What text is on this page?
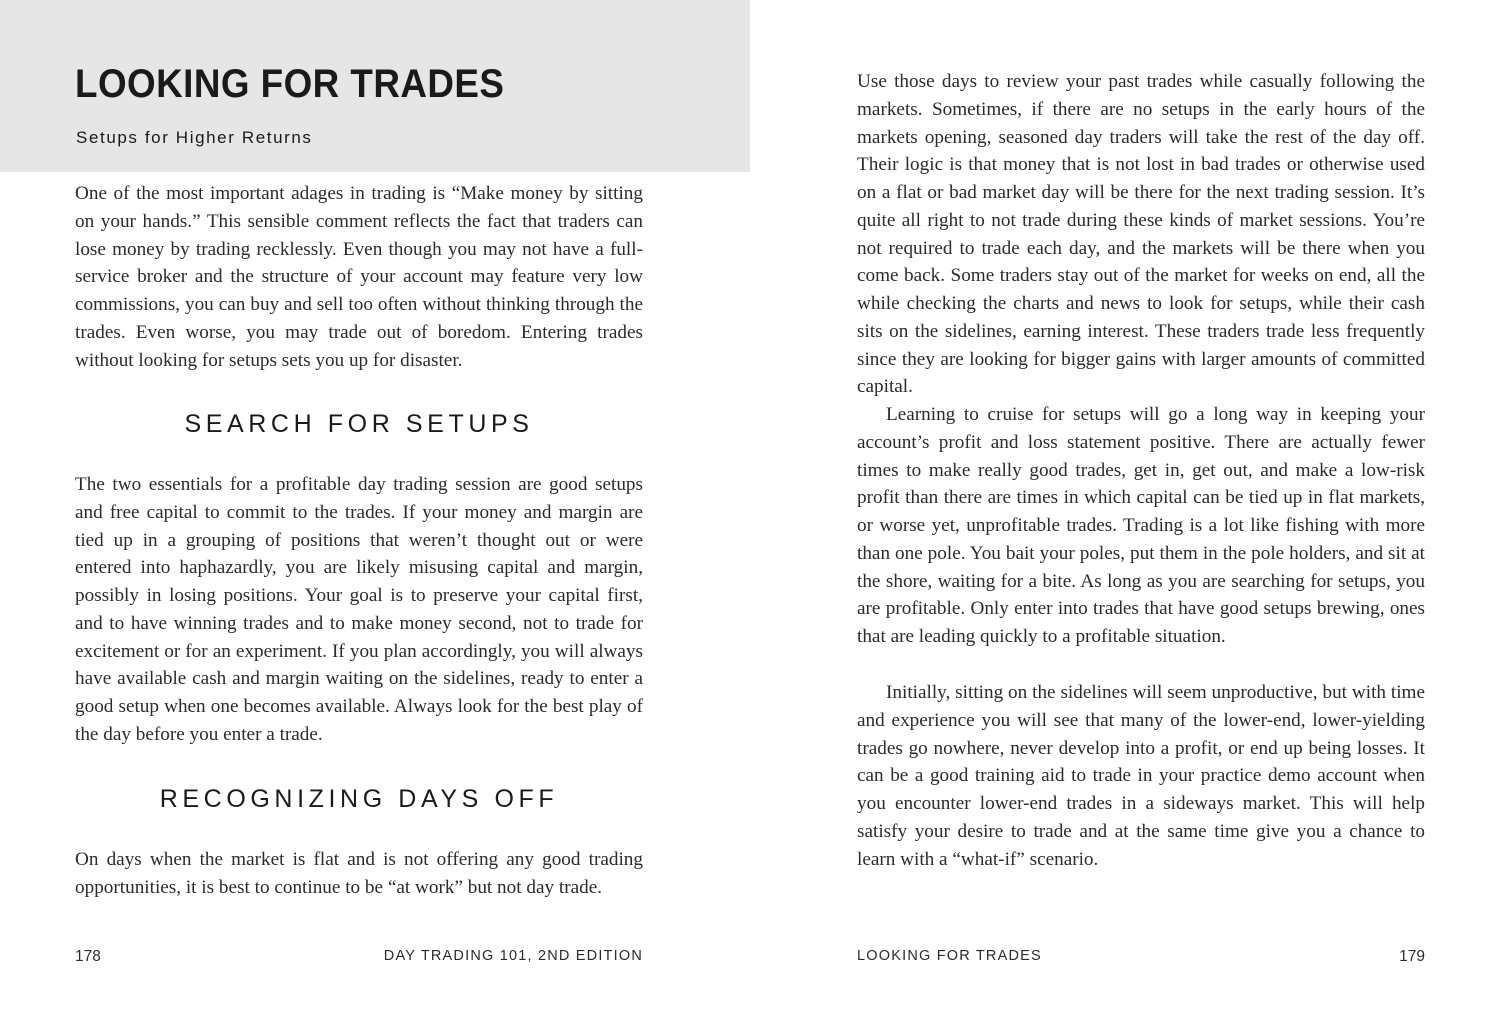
LOOKING FOR TRADES
Setups for Higher Returns

One of the most important adages in trading is “Make money by sitting on your hands.” This sensible comment reflects the fact that traders can lose money by trading recklessly. Even though you may not have a full-service broker and the structure of your account may feature very low commissions, you can buy and sell too often without thinking through the trades. Even worse, you may trade out of boredom. Entering trades without looking for setups sets you up for disaster.

SEARCH FOR SETUPS

The two essentials for a profitable day trading session are good setups and free capital to commit to the trades. If your money and margin are tied up in a grouping of positions that weren’t thought out or were entered into haphazardly, you are likely misusing capital and margin, possibly in losing positions. Your goal is to preserve your capital first, and to have winning trades and to make money second, not to trade for excitement or for an experiment. If you plan accordingly, you will always have available cash and margin waiting on the sidelines, ready to enter a good setup when one becomes available. Always look for the best play of the day before you enter a trade.

RECOGNIZING DAYS OFF

On days when the market is flat and is not offering any good trading opportunities, it is best to continue to be “at work” but not day trade.

178	DAY TRADING 101, 2ND EDITION

Use those days to review your past trades while casually following the markets. Sometimes, if there are no setups in the early hours of the markets opening, seasoned day traders will take the rest of the day off. Their logic is that money that is not lost in bad trades or otherwise used on a flat or bad market day will be there for the next trading session. It’s quite all right to not trade during these kinds of market sessions. You’re not required to trade each day, and the markets will be there when you come back. Some traders stay out of the market for weeks on end, all the while checking the charts and news to look for setups, while their cash sits on the sidelines, earning interest. These traders trade less frequently since they are looking for bigger gains with larger amounts of committed capital.

Learning to cruise for setups will go a long way in keeping your account’s profit and loss statement positive. There are actually fewer times to make really good trades, get in, get out, and make a low-risk profit than there are times in which capital can be tied up in flat markets, or worse yet, unprofitable trades. Trading is a lot like fishing with more than one pole. You bait your poles, put them in the pole holders, and sit at the shore, waiting for a bite. As long as you are searching for setups, you are profitable. Only enter into trades that have good setups brewing, ones that are leading quickly to a profitable situation.

Initially, sitting on the sidelines will seem unproductive, but with time and experience you will see that many of the lower-end, lower-yielding trades go nowhere, never develop into a profit, or end up being losses. It can be a good training aid to trade in your practice demo account when you encounter lower-end trades in a sideways market. This will help satisfy your desire to trade and at the same time give you a chance to learn with a “what-if” scenario.

LOOKING FOR TRADES	179
